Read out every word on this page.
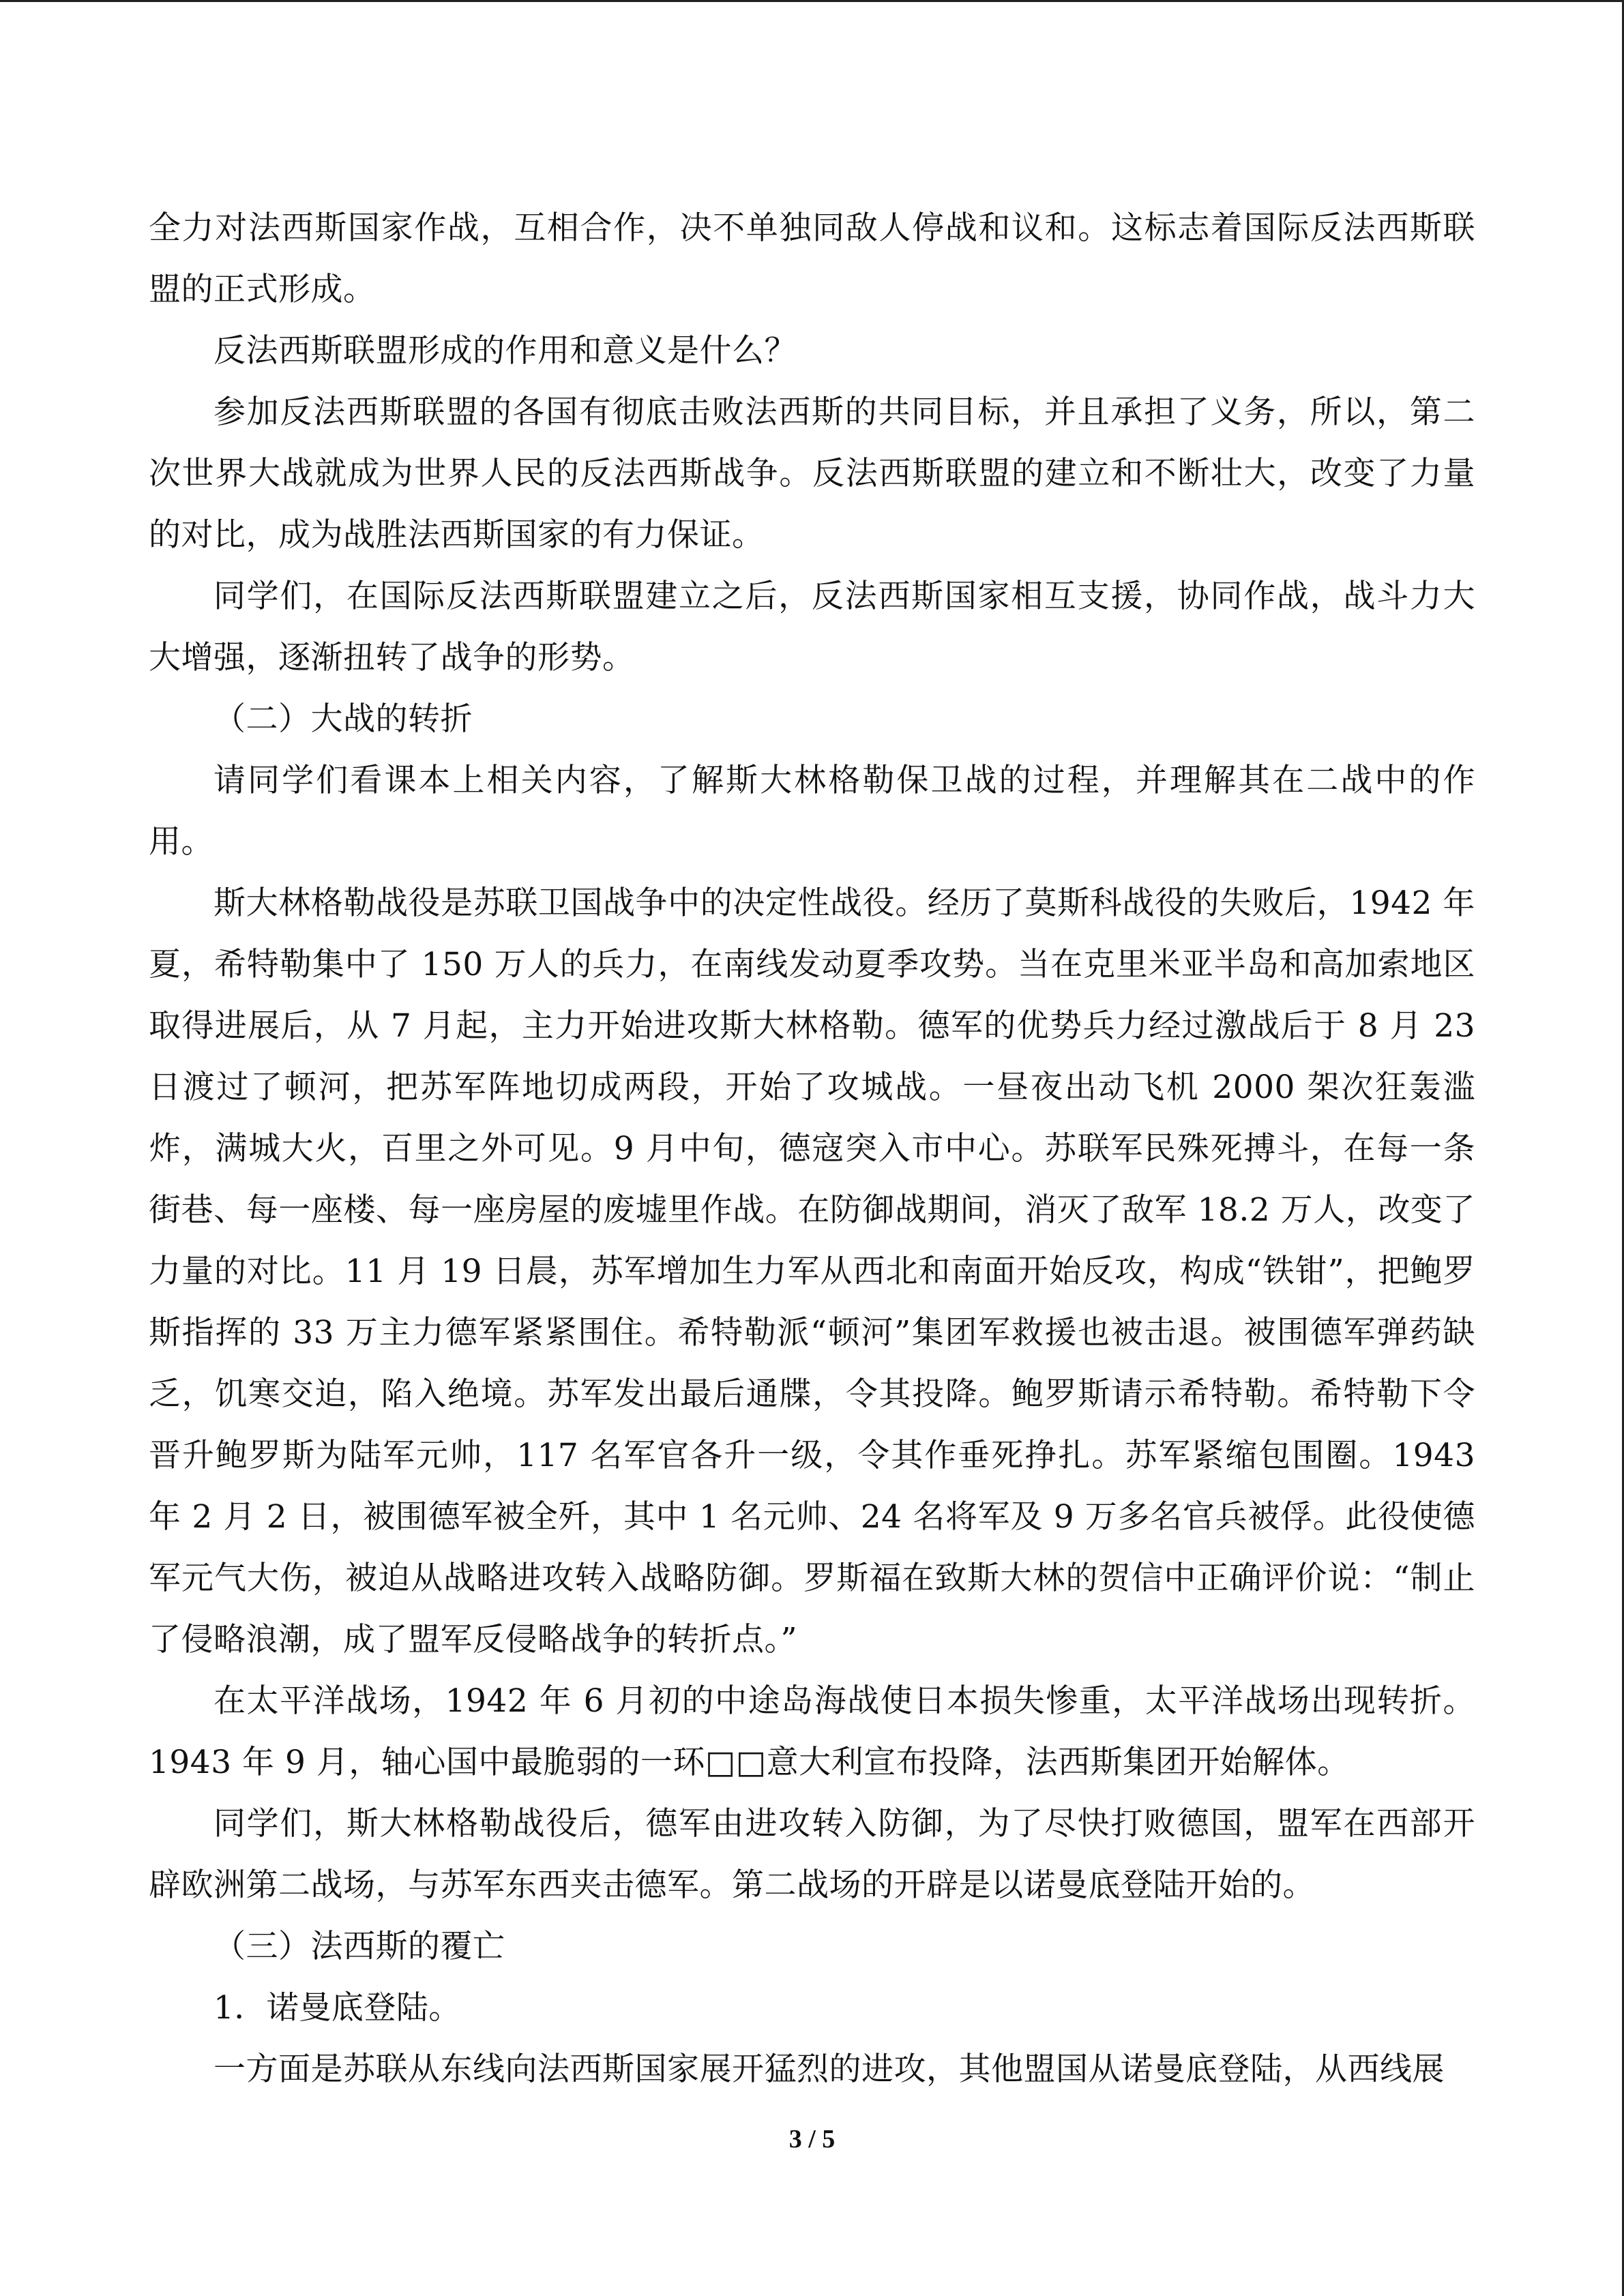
全力对法西斯国家作战，互相合作，决不单独同敌人停战和议和。这标志着国际反法西斯联盟的正式形成。

反法西斯联盟形成的作用和意义是什么？

参加反法西斯联盟的各国有彻底击败法西斯的共同目标，并且承担了义务，所以，第二次世界大战就成为世界人民的反法西斯战争。反法西斯联盟的建立和不断壮大，改变了力量的对比，成为战胜法西斯国家的有力保证。

同学们，在国际反法西斯联盟建立之后，反法西斯国家相互支援，协同作战，战斗力大大增强，逐渐扭转了战争的形势。

（二）大战的转折

请同学们看课本上相关内容，了解斯大林格勒保卫战的过程，并理解其在二战中的作用。

斯大林格勒战役是苏联卫国战争中的决定性战役。经历了莫斯科战役的失败后，1942 年夏，希特勒集中了 150 万人的兵力，在南线发动夏季攻势。当在克里米亚半岛和高加索地区取得进展后，从 7 月起，主力开始进攻斯大林格勒。德军的优势兵力经过激战后于 8 月 23 日渡过了顿河，把苏军阵地切成两段，开始了攻城战。一昼夜出动飞机 2000 架次狂轰滥炸，满城大火，百里之外可见。9 月中旬，德寇突入市中心。苏联军民殊死搏斗，在每一条街巷、每一座楼、每一座房屋的废墟里作战。在防御战期间，消灭了敌军 18.2 万人，改变了力量的对比。11 月 19 日晨，苏军增加生力军从西北和南面开始反攻，构成“铁钳”，把鲍罗斯指挥的 33 万主力德军紧紧围住。希特勒派“顿河”集团军救援也被击退。被围德军弹药缺乏，饥寒交迫，陷入绝境。苏军发出最后通牒，令其投降。鲍罗斯请示希特勒。希特勒下令晋升鲍罗斯为陆军元帅，117 名军官各升一级，令其作垂死挣扎。苏军紧缩包围圈。1943 年 2 月 2 日，被围德军被全歼，其中 1 名元帅、24 名将军及 9 万多名官兵被俘。此役使德军元气大伤，被迫从战略进攻转入战略防御。罗斯福在致斯大林的贺信中正确评价说：“制止了侵略浪潮，成了盟军反侵略战争的转折点。”

在太平洋战场，1942 年 6 月初的中途岛海战使日本损失惨重，太平洋战场出现转折。1943 年 9 月，轴心国中最脆弱的一环□□意大利宣布投降，法西斯集团开始解体。

同学们，斯大林格勒战役后，德军由进攻转入防御，为了尽快打败德国，盟军在西部开辟欧洲第二战场，与苏军东西夹击德军。第二战场的开辟是以诺曼底登陆开始的。

（三）法西斯的覆亡

1．诺曼底登陆。

一方面是苏联从东线向法西斯国家展开猛烈的进攻，其他盟国从诺曼底登陆，从西线展

3 / 5
